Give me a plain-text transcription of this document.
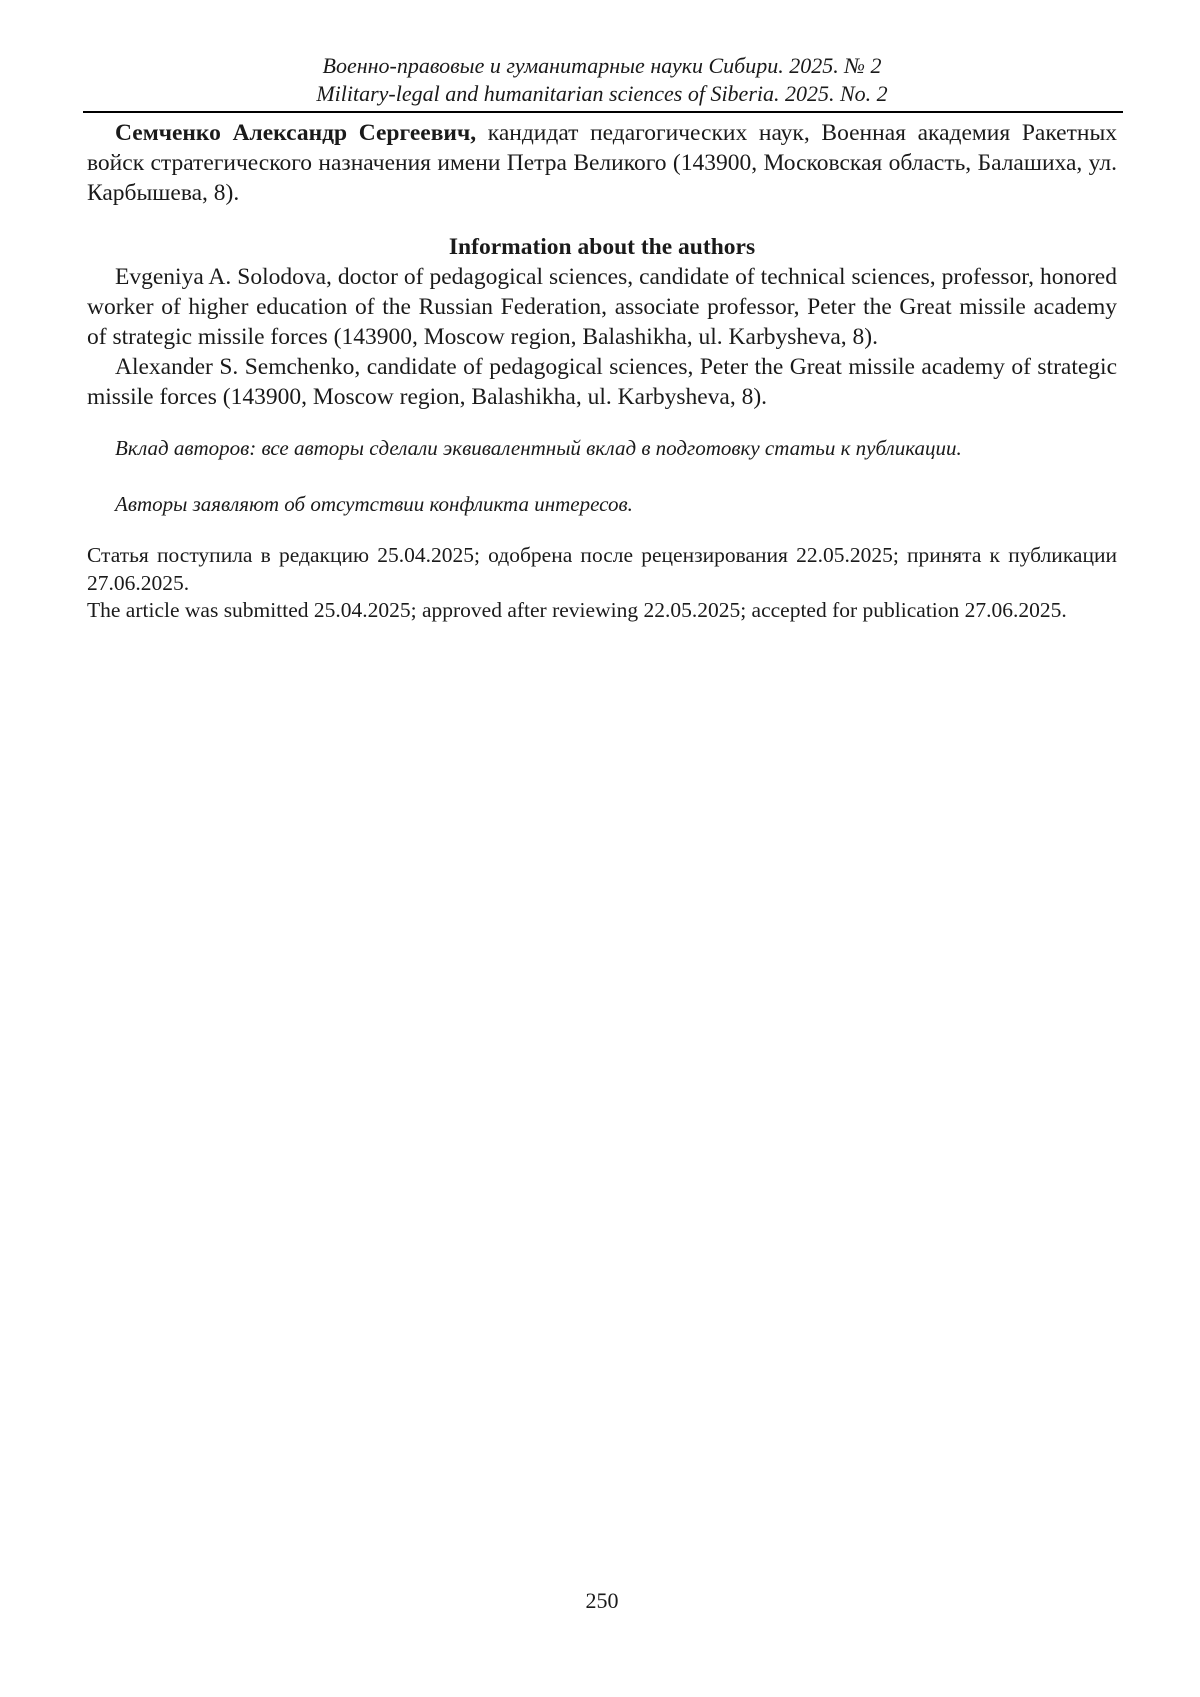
Военно-правовые и гуманитарные науки Сибири. 2025. № 2
Military-legal and humanitarian sciences of Siberia. 2025. No. 2

Семченко Александр Сергеевич, кандидат педагогических наук, Военная академия Ракетных войск стратегического назначения имени Петра Великого (143900, Московская область, Балашиха, ул. Карбышева, 8).

Information about the authors

Evgeniya A. Solodova, doctor of pedagogical sciences, candidate of technical sciences, professor, honored worker of higher education of the Russian Federation, associate professor, Peter the Great missile academy of strategic missile forces (143900, Moscow region, Balashikha, ul. Karbysheva, 8).

Alexander S. Semchenko, candidate of pedagogical sciences, Peter the Great missile academy of strategic missile forces (143900, Moscow region, Balashikha, ul. Karbysheva, 8).

Вклад авторов: все авторы сделали эквивалентный вклад в подготовку статьи к публикации.

Авторы заявляют об отсутствии конфликта интересов.

Статья поступила в редакцию 25.04.2025; одобрена после рецензирования 22.05.2025; принята к публикации 27.06.2025.

The article was submitted 25.04.2025; approved after reviewing 22.05.2025; accepted for publication 27.06.2025.

250
